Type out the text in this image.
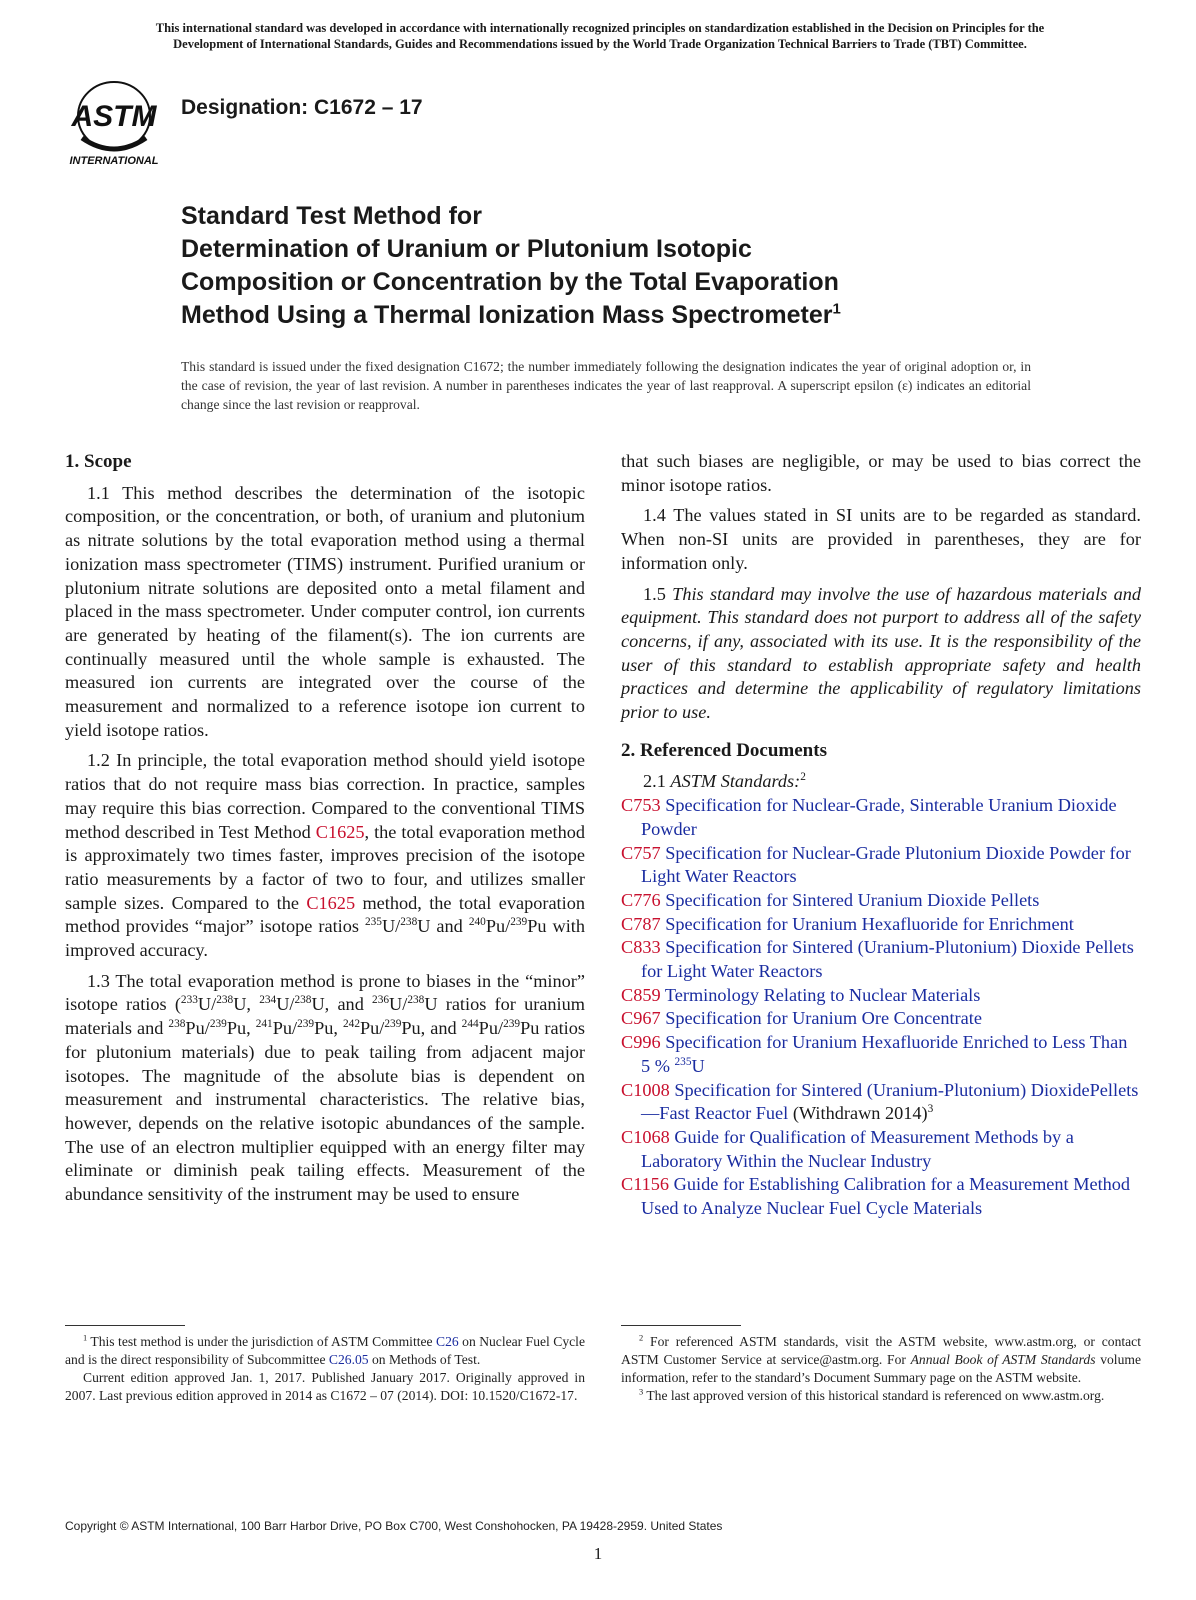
This international standard was developed in accordance with internationally recognized principles on standardization established in the Decision on Principles for the
Development of International Standards, Guides and Recommendations issued by the World Trade Organization Technical Barriers to Trade (TBT) Committee.
ASTM
INTERNATIONAL
Designation: C1672 – 17
Standard Test Method for
Determination of Uranium or Plutonium Isotopic
Composition or Concentration by the Total Evaporation
Method Using a Thermal Ionization Mass Spectrometer$^1$
This standard is issued under the fixed designation C1672; the number immediately following the designation indicates the year of original adoption or, in the case of revision, the year of last revision. A number in parentheses indicates the year of last reapproval. A superscript epsilon (ε) indicates an editorial change since the last revision or reapproval.
1. Scope

1.1 This method describes the determination of the isotopic composition, or the concentration, or both, of uranium and plutonium as nitrate solutions by the total evaporation method using a thermal ionization mass spectrometer (TIMS) instrument. Purified uranium or plutonium nitrate solutions are deposited onto a metal filament and placed in the mass spectrometer. Under computer control, ion currents are generated by heating of the filament(s). The ion currents are continually measured until the whole sample is exhausted. The measured ion currents are integrated over the course of the measurement and normalized to a reference isotope ion current to yield isotope ratios.

1.2 In principle, the total evaporation method should yield isotope ratios that do not require mass bias correction. In practice, samples may require this bias correction. Compared to the conventional TIMS method described in Test Method C1625, the total evaporation method is approximately two times faster, improves precision of the isotope ratio measurements by a factor of two to four, and utilizes smaller sample sizes. Compared to the C1625 method, the total evaporation method provides “major” isotope ratios $^{235}$U/$^{238}$U and $^{240}$Pu/$^{239}$Pu with improved accuracy.

1.3 The total evaporation method is prone to biases in the “minor” isotope ratios ($^{233}$U/$^{238}$U, $^{234}$U/$^{238}$U, and $^{236}$U/$^{238}$U ratios for uranium materials and $^{238}$Pu/$^{239}$Pu, $^{241}$Pu/$^{239}$Pu, $^{242}$Pu/$^{239}$Pu, and $^{244}$Pu/$^{239}$Pu ratios for plutonium materials) due to peak tailing from adjacent major isotopes. The magnitude of the absolute bias is dependent on measurement and instrumental characteristics. The relative bias, however, depends on the relative isotopic abundances of the sample. The use of an electron multiplier equipped with an energy filter may eliminate or diminish peak tailing effects. Measurement of the abundance sensitivity of the instrument may be used to ensure

that such biases are negligible, or may be used to bias correct the minor isotope ratios.

1.4 The values stated in SI units are to be regarded as standard. When non-SI units are provided in parentheses, they are for information only.

1.5 This standard may involve the use of hazardous materials and equipment. This standard does not purport to address all of the safety concerns, if any, associated with its use. It is the responsibility of the user of this standard to establish appropriate safety and health practices and determine the applicability of regulatory limitations prior to use.

2. Referenced Documents

2.1 ASTM Standards:$^2$

C753 Specification for Nuclear-Grade, Sinterable Uranium Dioxide Powder
C757 Specification for Nuclear-Grade Plutonium Dioxide Powder for Light Water Reactors
C776 Specification for Sintered Uranium Dioxide Pellets
C787 Specification for Uranium Hexafluoride for Enrichment
C833 Specification for Sintered (Uranium-Plutonium) Dioxide Pellets for Light Water Reactors
C859 Terminology Relating to Nuclear Materials
C967 Specification for Uranium Ore Concentrate
C996 Specification for Uranium Hexafluoride Enriched to Less Than 5 % $^{235}$U
C1008 Specification for Sintered (Uranium-Plutonium) DioxidePellets—Fast Reactor Fuel (Withdrawn 2014)$^3$
C1068 Guide for Qualification of Measurement Methods by a Laboratory Within the Nuclear Industry
C1156 Guide for Establishing Calibration for a Measurement Method Used to Analyze Nuclear Fuel Cycle Materials

$^1$ This test method is under the jurisdiction of ASTM Committee C26 on Nuclear Fuel Cycle and is the direct responsibility of Subcommittee C26.05 on Methods of Test.

Current edition approved Jan. 1, 2017. Published January 2017. Originally approved in 2007. Last previous edition approved in 2014 as C1672 – 07 (2014). DOI: 10.1520/C1672-17.

$^2$ For referenced ASTM standards, visit the ASTM website, www.astm.org, or contact ASTM Customer Service at service@astm.org. For Annual Book of ASTM Standards volume information, refer to the standard’s Document Summary page on the ASTM website.

$^3$ The last approved version of this historical standard is referenced on www.astm.org.

Copyright © ASTM International, 100 Barr Harbor Drive, PO Box C700, West Conshohocken, PA 19428-2959. United States
1
